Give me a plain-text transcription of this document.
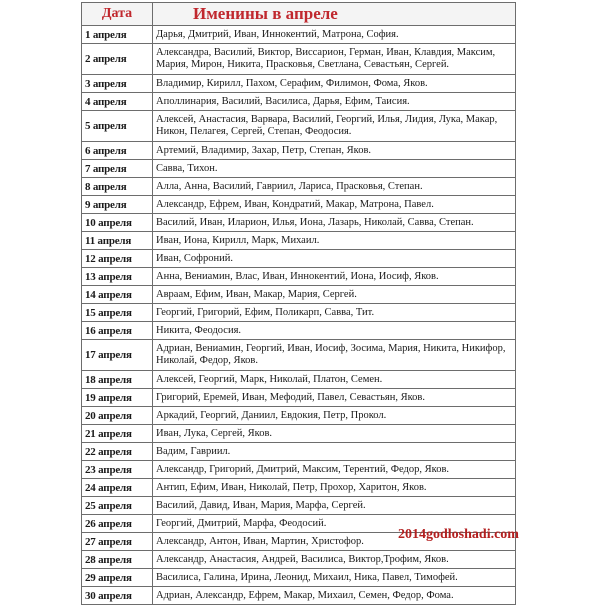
Дата	Именины в апреле
1 апреля	Дарья, Дмитрий, Иван, Иннокентий, Матрона, София.
2 апреля	Александра, Василий, Виктор, Виссарион, Герман, Иван, Клавдия, Максим, Мария, Мирон, Никита, Прасковья, Светлана, Севастьян, Сергей.
3 апреля	Владимир, Кирилл, Пахом, Серафим, Филимон, Фома, Яков.
4 апреля	Аполлинария, Василий, Василиса, Дарья, Ефим, Таисия.
5 апреля	Алексей, Анастасия, Варвара, Василий, Георгий, Илья, Лидия, Лука, Макар, Никон, Пелагея, Сергей, Степан, Феодосия.
6 апреля	Артемий, Владимир, Захар, Петр, Степан, Яков.
7 апреля	Савва, Тихон.
8 апреля	Алла, Анна, Василий, Гавриил, Лариса, Прасковья, Степан.
9 апреля	Александр, Ефрем, Иван, Кондратий, Макар, Матрона, Павел.
10 апреля	Василий, Иван, Иларион, Илья, Иона, Лазарь, Николай, Савва, Степан.
11 апреля	Иван, Иона, Кирилл, Марк, Михаил.
12 апреля	Иван, Софроний.
13 апреля	Анна, Вениамин, Влас, Иван, Иннокентий, Иона, Иосиф, Яков.
14 апреля	Авраам, Ефим, Иван, Макар, Мария, Сергей.
15 апреля	Георгий, Григорий, Ефим, Поликарп, Савва, Тит.
16 апреля	Никита, Феодосия.
17 апреля	Адриан, Вениамин, Георгий, Иван, Иосиф, Зосима, Мария, Никита, Никифор, Николай, Федор, Яков.
18 апреля	Алексей, Георгий, Марк, Николай, Платон, Семен.
19 апреля	Григорий, Еремей, Иван, Мефодий, Павел, Севастьян, Яков.
20 апреля	Аркадий, Георгий, Даниил, Евдокия, Петр, Прокол.
21 апреля	Иван, Лука, Сергей, Яков.
22 апреля	Вадим, Гавриил.
23 апреля	Александр, Григорий, Дмитрий, Максим, Терентий, Федор, Яков.
24 апреля	Антип, Ефим, Иван, Николай, Петр, Прохор, Харитон, Яков.
25 апреля	Василий, Давид, Иван, Мария, Марфа, Сергей.
26 апреля	Георгий, Дмитрий, Марфа, Феодосий.
27 апреля	Александр, Антон, Иван, Мартин, Христофор.
28 апреля	Александр, Анастасия, Андрей, Василиса, Виктор,Трофим, Яков.
29 апреля	Василиса, Галина, Ирина, Леонид, Михаил, Ника, Павел, Тимофей.
30 апреля	Адриан, Александр, Ефрем, Макар, Михаил, Семен, Федор, Фома.
2014godloshadi.com
